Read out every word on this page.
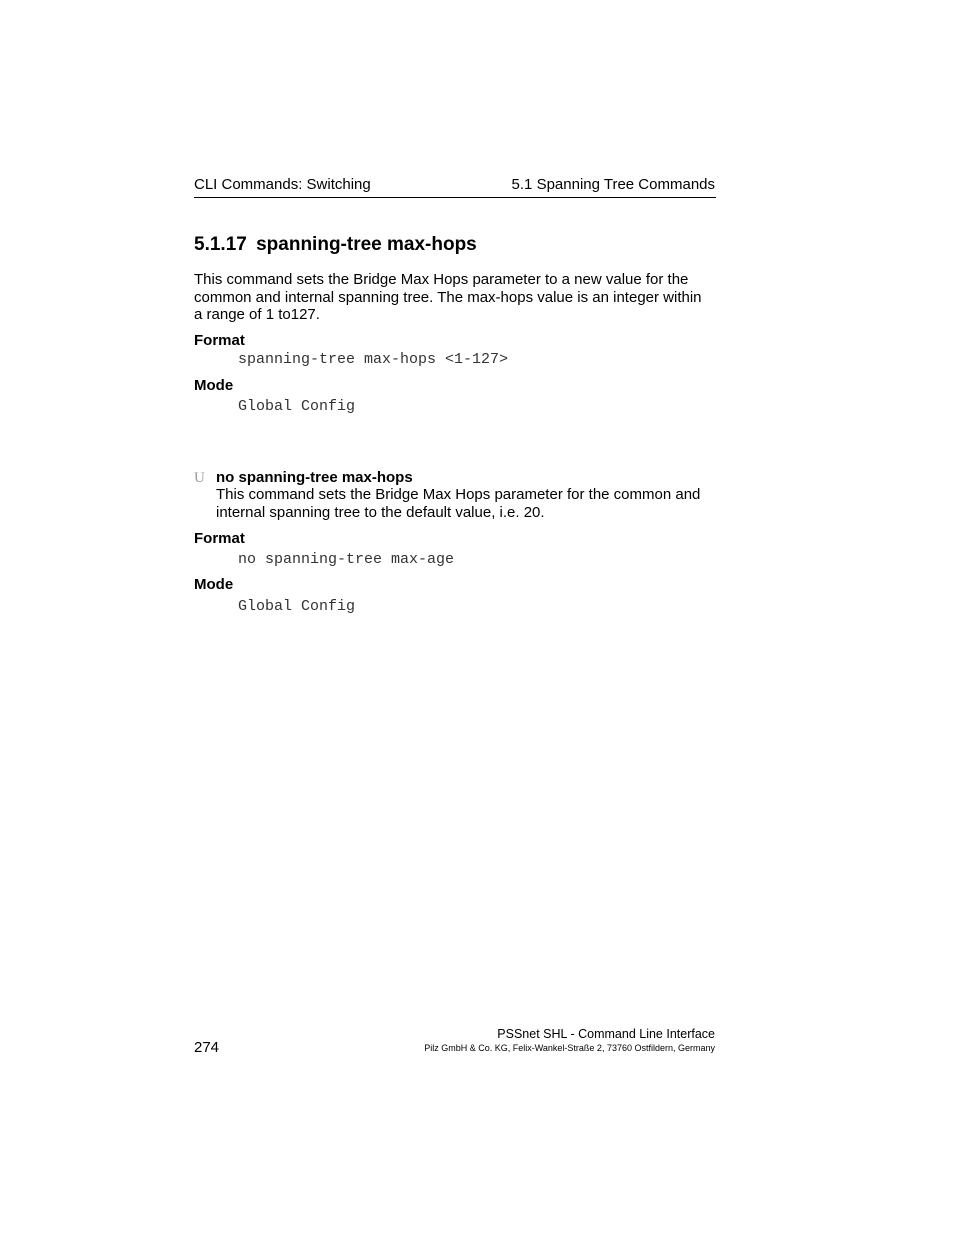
CLI Commands: Switching	5.1 Spanning Tree Commands
5.1.17 spanning-tree max-hops
This command sets the Bridge Max Hops parameter to a new value for the
common and internal spanning tree. The max-hops value is an integer within
a range of 1 to127.
Format
spanning-tree max-hops <1-127>
Mode
Global Config
U no spanning-tree max-hops
This command sets the Bridge Max Hops parameter for the common and
internal spanning tree to the default value, i.e. 20.
Format
no spanning-tree max-age
Mode
Global Config
274
PSSnet SHL - Command Line Interface
Pilz GmbH & Co. KG, Felix-Wankel-Straße 2, 73760 Ostfildern, Germany
